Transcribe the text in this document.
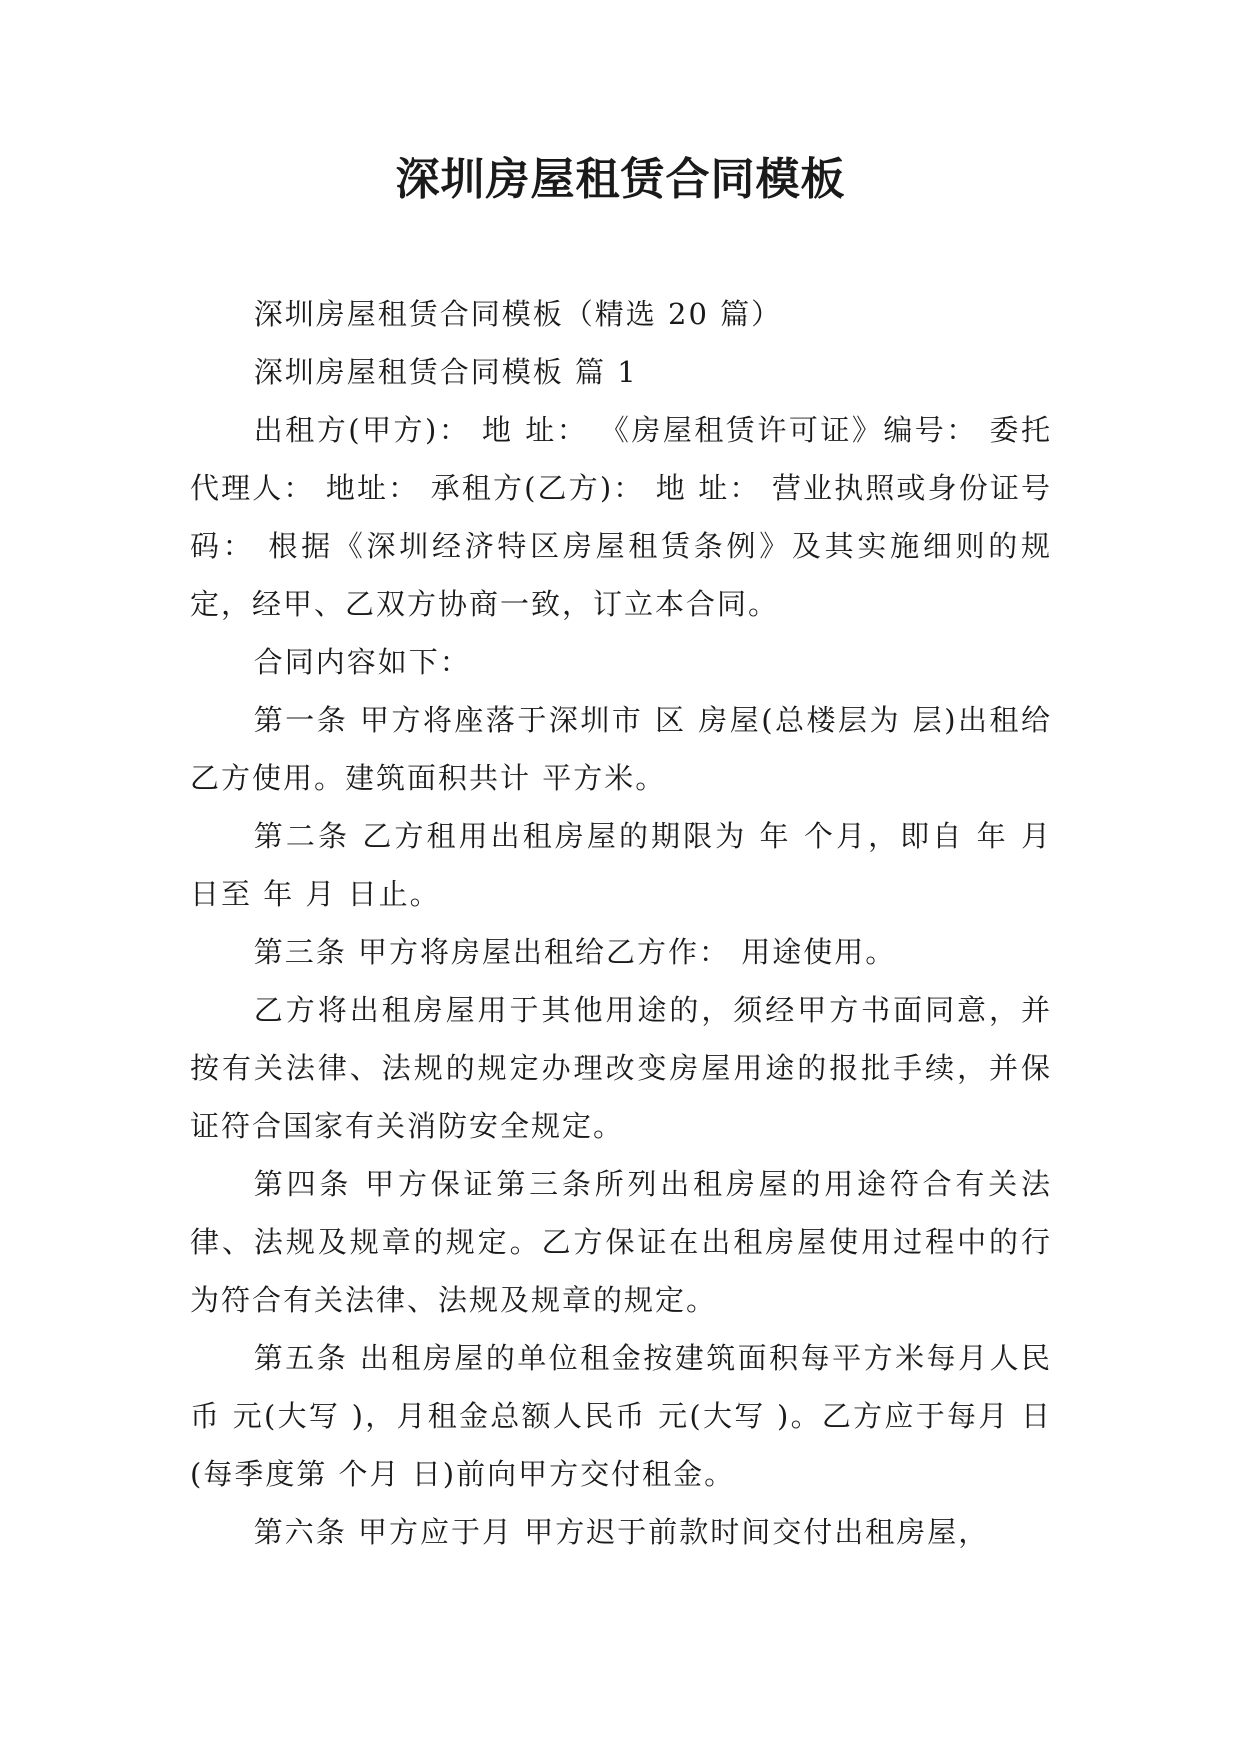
深圳房屋租赁合同模板

深圳房屋租赁合同模板（精选 20 篇）

深圳房屋租赁合同模板 篇 1

出租方(甲方)： 地 址： 《房屋租赁许可证》编号： 委托代理人： 地址： 承租方(乙方)： 地 址： 营业执照或身份证号码： 根据《深圳经济特区房屋租赁条例》及其实施细则的规定，经甲、乙双方协商一致，订立本合同。

合同内容如下：

第一条 甲方将座落于深圳市 区 房屋(总楼层为 层)出租给乙方使用。建筑面积共计 平方米。

第二条 乙方租用出租房屋的期限为 年 个月，即自 年 月 日至 年 月 日止。

第三条 甲方将房屋出租给乙方作： 用途使用。

乙方将出租房屋用于其他用途的，须经甲方书面同意，并按有关法律、法规的规定办理改变房屋用途的报批手续，并保证符合国家有关消防安全规定。

第四条 甲方保证第三条所列出租房屋的用途符合有关法律、法规及规章的规定。乙方保证在出租房屋使用过程中的行为符合有关法律、法规及规章的规定。

第五条 出租房屋的单位租金按建筑面积每平方米每月人民币 元(大写 )，月租金总额人民币 元(大写 )。乙方应于每月 日(每季度第 个月 日)前向甲方交付租金。

第六条 甲方应于月 甲方迟于前款时间交付出租房屋，
